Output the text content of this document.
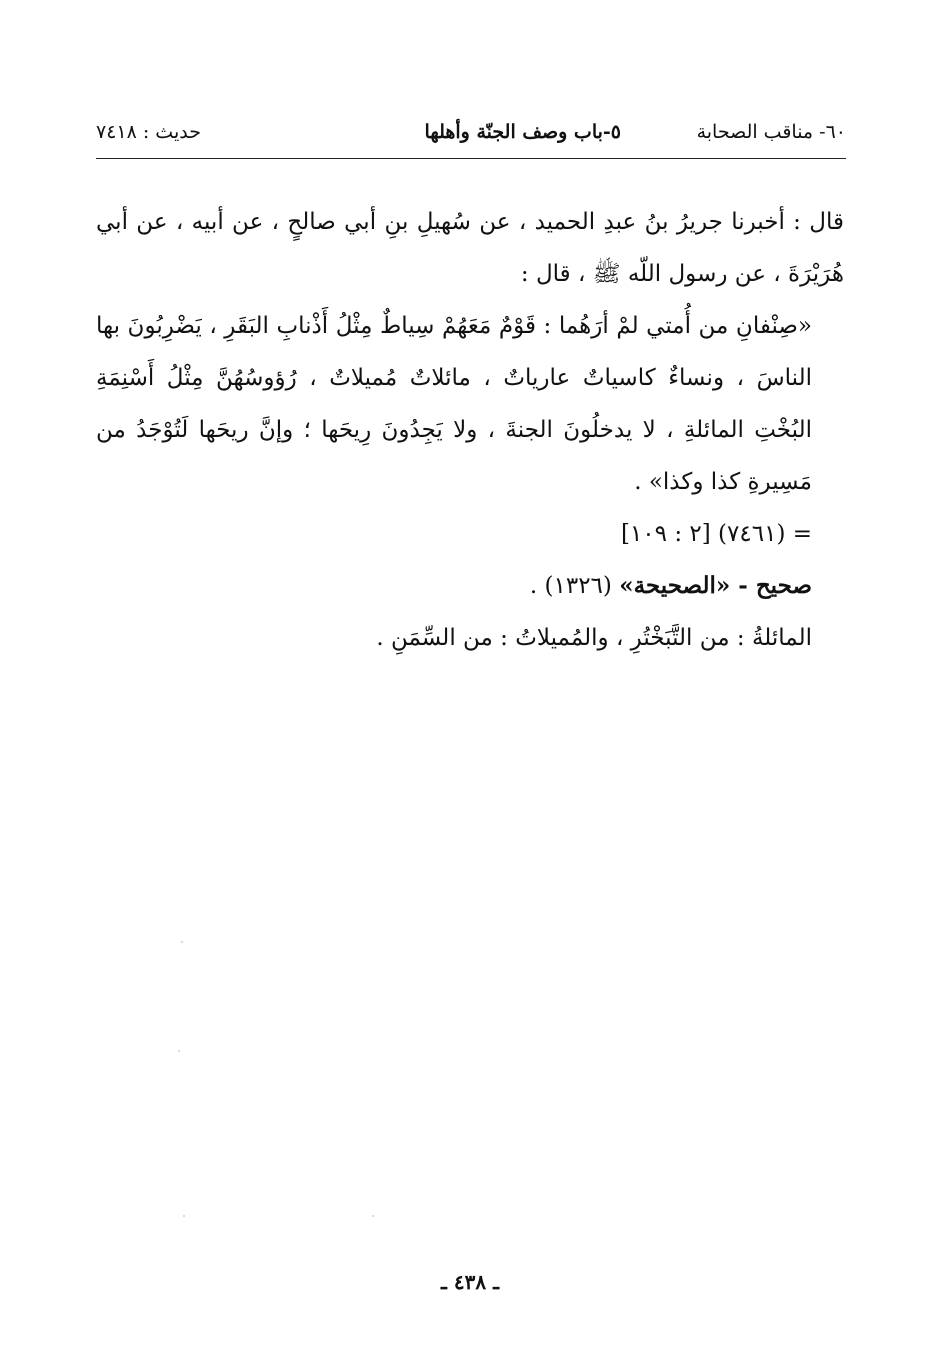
٦٠- مناقب الصحابة
٥-باب وصف الجنّة وأهلها
حديث : ٧٤١٨

قال : أخبرنا جريرُ بنُ عبدِ الحميد ، عن سُهيلِ بنِ أبي صالحٍ ، عن أبيه ، عن أبي هُرَيْرَةَ ، عن رسول اللّه ﷺ ، قال :

«صِنْفانِ من أُمتي لمْ أرَهُما : قَوْمٌ مَعَهُمْ سِياطٌ مِثْلُ أَذْنابِ البَقَرِ ، يَضْرِبُونَ بها الناسَ ، ونساءٌ كاسياتٌ عارياتٌ ، مائلاتٌ مُميلاتٌ ، رُؤوسُهُنَّ مِثْلُ أَسْنِمَةِ البُخْتِ المائلةِ ، لا يدخلُونَ الجنةَ ، ولا يَجِدُونَ رِيحَها ؛ وإنَّ ريحَها لَتُوْجَدُ من مَسِيرةِ كذا وكذا» .

= (٧٤٦١) [٢ : ١٠٩]

صحيح - «الصحيحة» (١٣٢٦) .

المائلةُ : من التَّبَخْتُرِ ، والمُميلاتُ : من السِّمَنِ .

ـ ٤٣٨ ـ
